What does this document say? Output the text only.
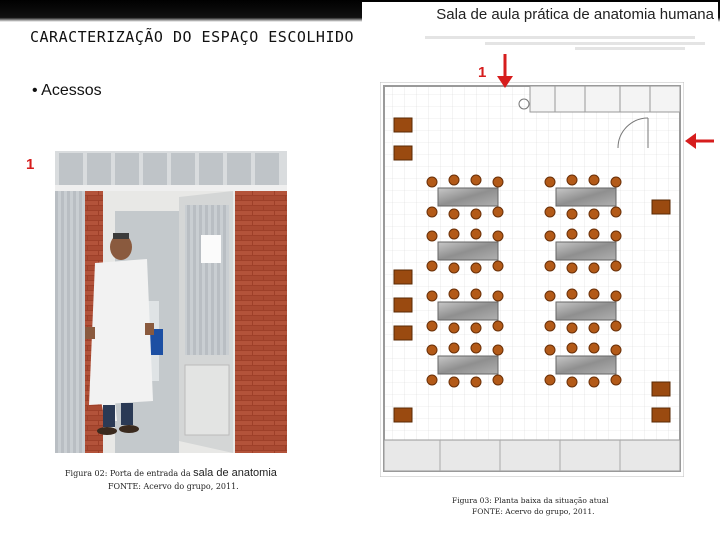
Sala de aula prática de anatomia humana
CARACTERIZAÇÃO DO ESPAÇO ESCOLHIDO
• Acessos
1
1
Figura 02: Porta de entrada da sala de anatomia
FONTE: Acervo do grupo, 2011.
Figura 03: Planta baixa da situação atual
FONTE: Acervo do grupo, 2011.
